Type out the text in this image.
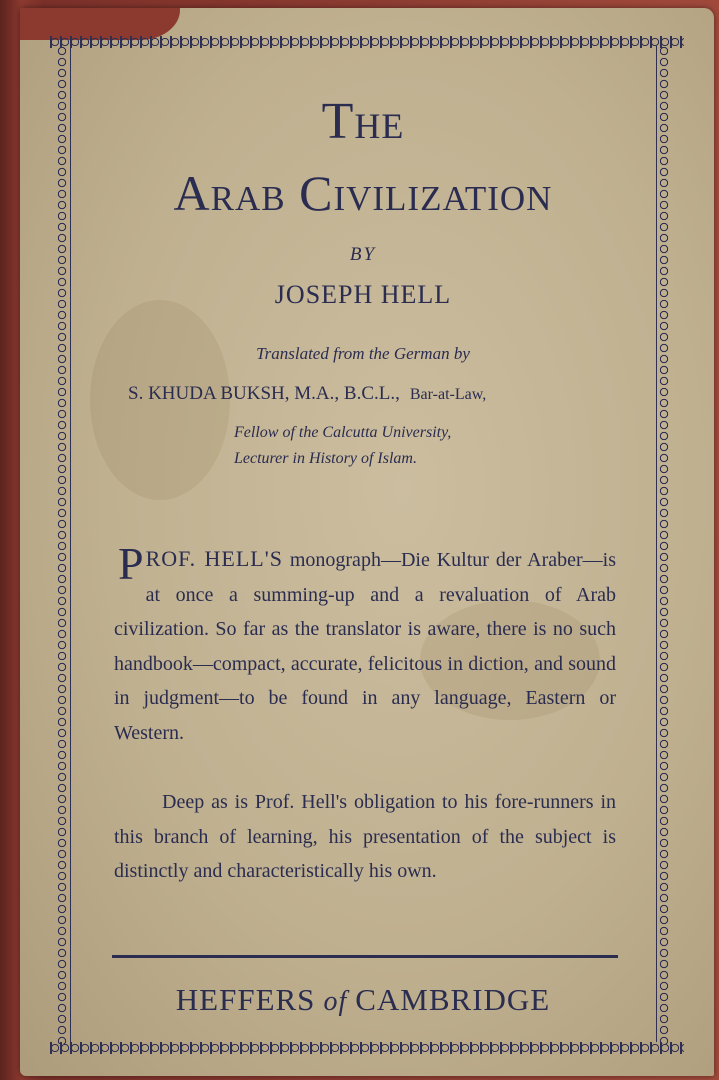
The
Arab Civilization
BY
JOSEPH HELL
Translated from the German by
S. KHUDA BUKSH, M.A., B.C.L., Bar-at-Law,
Fellow of the Calcutta University,
Lecturer in History of Islam.
PROF. HELL'S monograph—Die Kultur der Araber—is at once a summing-up and a revaluation of Arab civilization. So far as the translator is aware, there is no such handbook—compact, accurate, felicitous in diction, and sound in judgment—to be found in any language, Eastern or Western.
Deep as is Prof. Hell's obligation to his fore-runners in this branch of learning, his presentation of the subject is distinctly and characteristically his own.
HEFFERS of CAMBRIDGE
